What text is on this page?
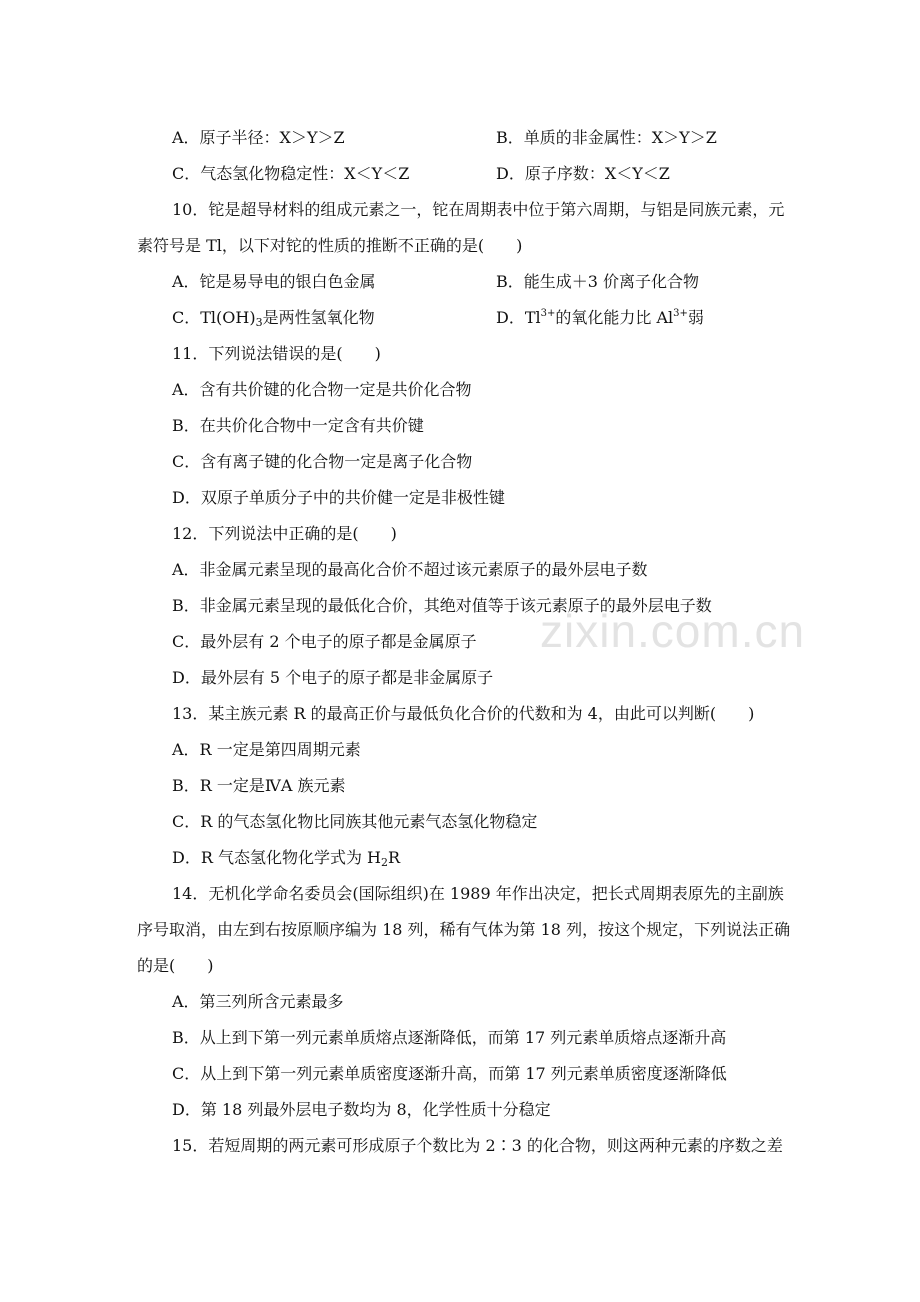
zixin.com.cn
A．原子半径：X＞Y＞Z	B．单质的非金属性：X＞Y＞Z
C．气态氢化物稳定性：X＜Y＜Z	D．原子序数：X＜Y＜Z
10．铊是超导材料的组成元素之一，铊在周期表中位于第六周期，与铝是同族元素，元
素符号是 Tl，以下对铊的性质的推断不正确的是(　　)
A．铊是易导电的银白色金属	B．能生成＋3 价离子化合物
C．$Tl(OH)_3$是两性氢氧化物	D．$Tl^{3+}$的氧化能力比 $Al^{3+}$弱
11．下列说法错误的是(　　)
A．含有共价键的化合物一定是共价化合物
B．在共价化合物中一定含有共价键
C．含有离子键的化合物一定是离子化合物
D．双原子单质分子中的共价健一定是非极性键
12．下列说法中正确的是(　　)
A．非金属元素呈现的最高化合价不超过该元素原子的最外层电子数
B．非金属元素呈现的最低化合价，其绝对值等于该元素原子的最外层电子数
C．最外层有 2 个电子的原子都是金属原子
D．最外层有 5 个电子的原子都是非金属原子
13．某主族元素 R 的最高正价与最低负化合价的代数和为 4，由此可以判断(　　)
A．R 一定是第四周期元素
B．R 一定是ⅣA 族元素
C．R 的气态氢化物比同族其他元素气态氢化物稳定
D．R 气态氢化物化学式为 $H_2R$
14．无机化学命名委员会(国际组织)在 1989 年作出决定，把长式周期表原先的主副族
序号取消，由左到右按原顺序编为 18 列，稀有气体为第 18 列，按这个规定，下列说法正确
的是(　　)
A．第三列所含元素最多
B．从上到下第一列元素单质熔点逐渐降低，而第 17 列元素单质熔点逐渐升高
C．从上到下第一列元素单质密度逐渐升高，而第 17 列元素单质密度逐渐降低
D．第 18 列最外层电子数均为 8，化学性质十分稳定
15．若短周期的两元素可形成原子个数比为 2∶3 的化合物，则这两种元素的序数之差
